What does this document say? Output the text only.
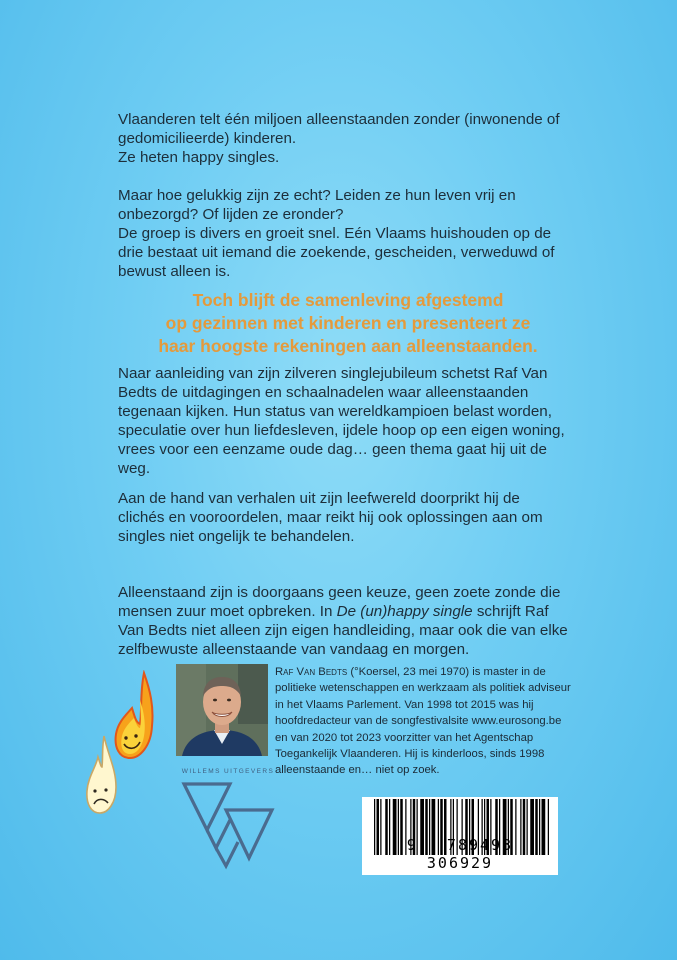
Vlaanderen telt één miljoen alleenstaanden zonder (inwonende of gedomicilieerde) kinderen.

Ze heten happy singles.

Maar hoe gelukkig zijn ze echt? Leiden ze hun leven vrij en onbezorgd? Of lijden ze eronder?

De groep is divers en groeit snel. Eén Vlaams huishouden op de drie bestaat uit iemand die zoekende, gescheiden, verweduwd of bewust alleen is.

Toch blijft de samenleving afgestemd
op gezinnen met kinderen en presenteert ze
haar hoogste rekeningen aan alleenstaanden.

Naar aanleiding van zijn zilveren singlejubileum schetst Raf Van Bedts de uitdagingen en schaalnadelen waar alleenstaanden tegenaan kijken. Hun status van wereldkampioen belast worden, speculatie over hun liefdesleven, ijdele hoop op een eigen woning, vrees voor een eenzame oude dag… geen thema gaat hij uit de weg.

Aan de hand van verhalen uit zijn leefwereld doorprikt hij de clichés en vooroordelen, maar reikt hij ook oplossingen aan om singles niet ongelijk te behandelen.

Alleenstaand zijn is doorgaans geen keuze, geen zoete zonde die mensen zuur moet opbreken. In De (un)happy single schrijft Raf Van Bedts niet alleen zijn eigen handleiding, maar ook die van elke zelfbewuste alleenstaande van vandaag en morgen.

Raf Van Bedts (°Koersel, 23 mei 1970) is master in de politieke wetenschappen en werkzaam als politiek adviseur in het Vlaams Parlement. Van 1998 tot 2015 was hij hoofdredacteur van de songfestivalsite www.eurosong.be en van 2020 tot 2023 voorzitter van het Agentschap Toegankelijk Vlaanderen. Hij is kinderloos, sinds 1998 alleenstaande en… niet op zoek.
WILLEMS UITGEVERS
9 789493 306929
